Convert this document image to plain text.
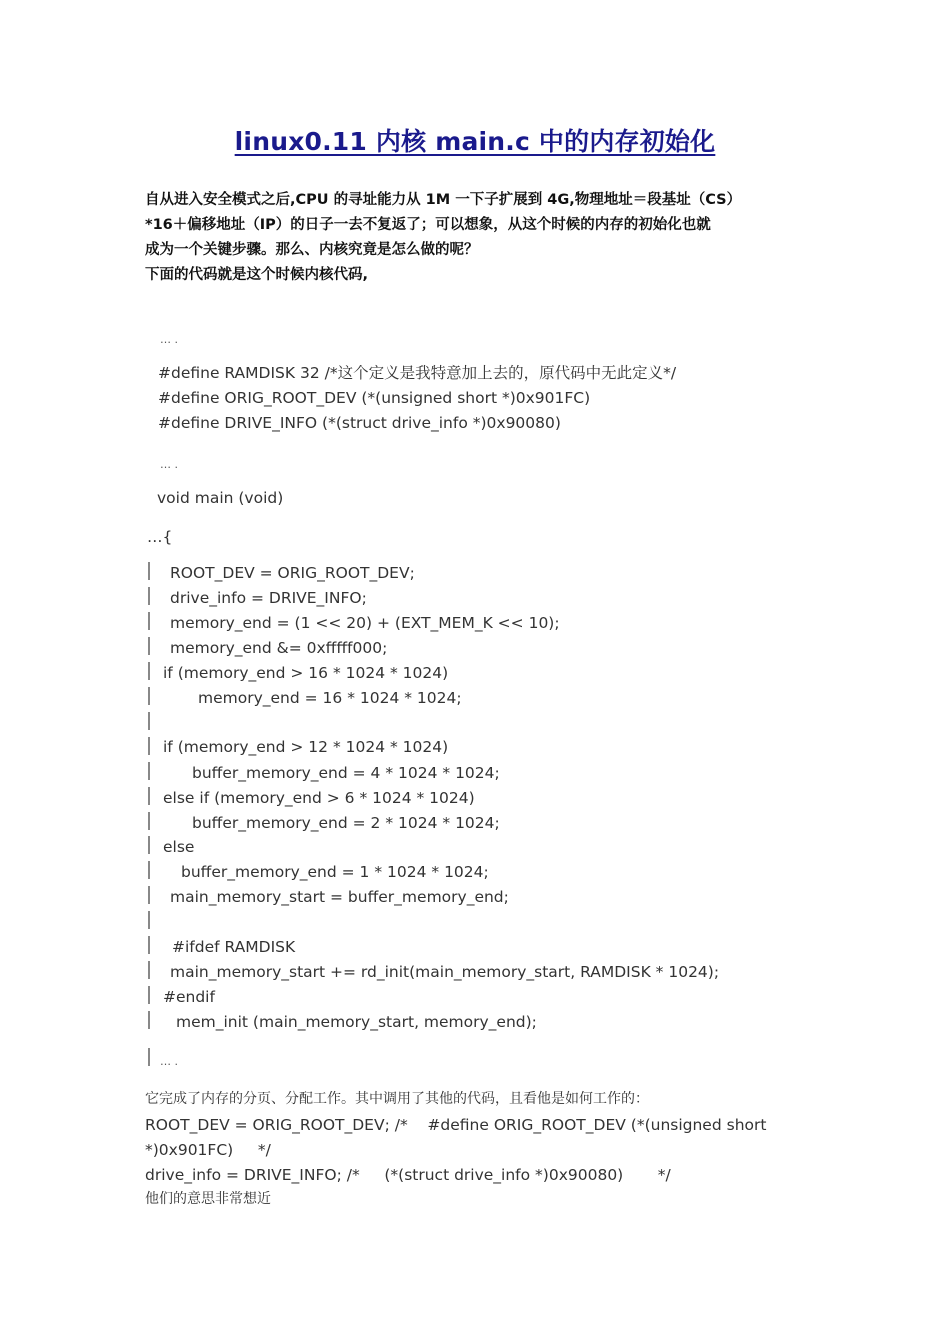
linux0.11 内核 main.c 中的内存初始化

自从进入安全模式之后,CPU 的寻址能力从 1M 一下子扩展到 4G,物理地址＝段基址（CS）

*16＋偏移地址（IP）的日子一去不复返了；可以想象，从这个时候的内存的初始化也就

成为一个关键步骤。那么、内核究竟是怎么做的呢？

下面的代码就是这个时候内核代码,

… .
#define RAMDISK 32 /*这个定义是我特意加上去的，原代码中无此定义*/
#define ORIG_ROOT_DEV (*(unsigned short *)0x901FC)
#define DRIVE_INFO (*(struct drive_info *)0x90080)
… .
void main (void)
…{
ROOT_DEV = ORIG_ROOT_DEV;
drive_info = DRIVE_INFO;
memory_end = (1 << 20) + (EXT_MEM_K << 10);
memory_end &= 0xfffff000;
if (memory_end > 16 * 1024 * 1024)
memory_end = 16 * 1024 * 1024;
if (memory_end > 12 * 1024 * 1024)
buffer_memory_end = 4 * 1024 * 1024;
else if (memory_end > 6 * 1024 * 1024)
buffer_memory_end = 2 * 1024 * 1024;
else
buffer_memory_end = 1 * 1024 * 1024;
main_memory_start = buffer_memory_end;
#ifdef RAMDISK
main_memory_start += rd_init(main_memory_start, RAMDISK * 1024);
#endif
mem_init (main_memory_start, memory_end);
… .
它完成了内存的分页、分配工作。其中调用了其他的代码，且看他是如何工作的：
ROOT_DEV = ORIG_ROOT_DEV; /*    #define ORIG_ROOT_DEV (*(unsigned short
*)0x901FC)     */
drive_info = DRIVE_INFO; /*     (*(struct drive_info *)0x90080)       */
他们的意思非常想近
